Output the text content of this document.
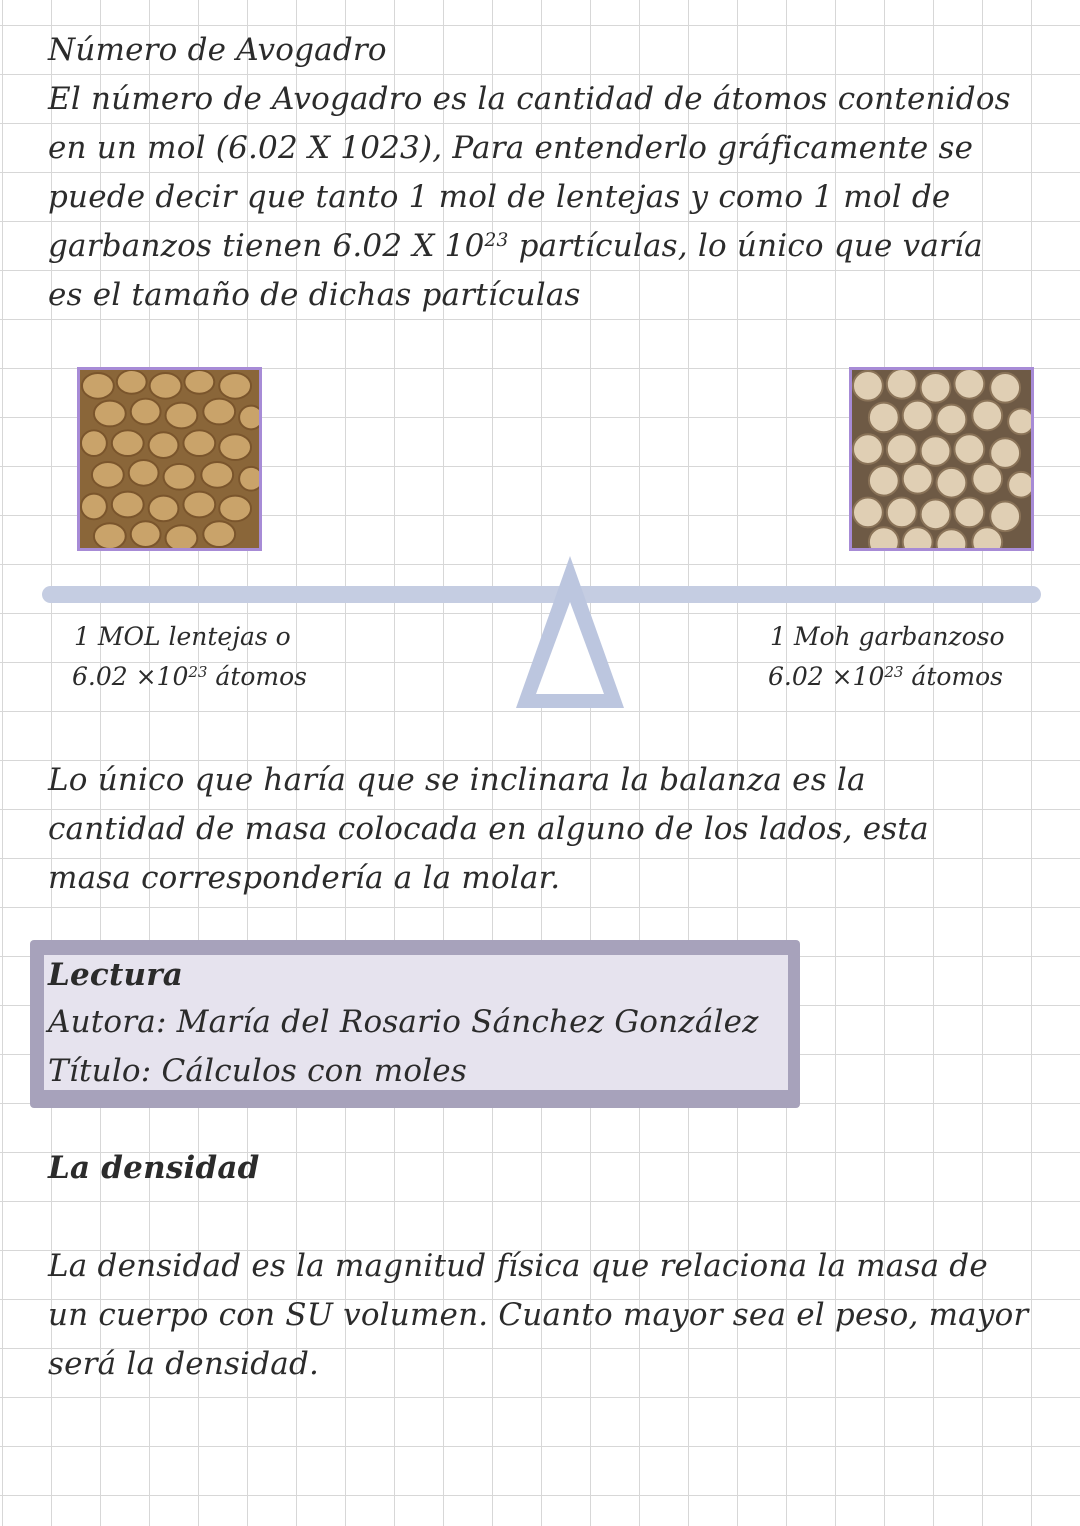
Número de Avogadro
El número de Avogadro es la cantidad de átomos contenidos
en un mol (6.02 X 1023), Para entenderlo gráficamente se
puede decir que tanto 1 mol de lentejas y como 1 mol de
garbanzos tienen 6.02 X $10^{23}$ partículas, lo único que varía
es el tamaño de dichas partículas
1 MOL lentejas o
$6.02 \times 10^{23}$ átomos
1 Moh garbanzoso
$6.02 \times 10^{23}$ átomos
Lo único que haría que se inclinara la balanza es la
cantidad de masa colocada en alguno de los lados, esta
masa correspondería a la molar.
Lectura
Autora: María del Rosario Sánchez González
Título: Cálculos con moles
La densidad
La densidad es la magnitud física que relaciona la masa de
un cuerpo con SU volumen. Cuanto mayor sea el peso, mayor
será la densidad.
